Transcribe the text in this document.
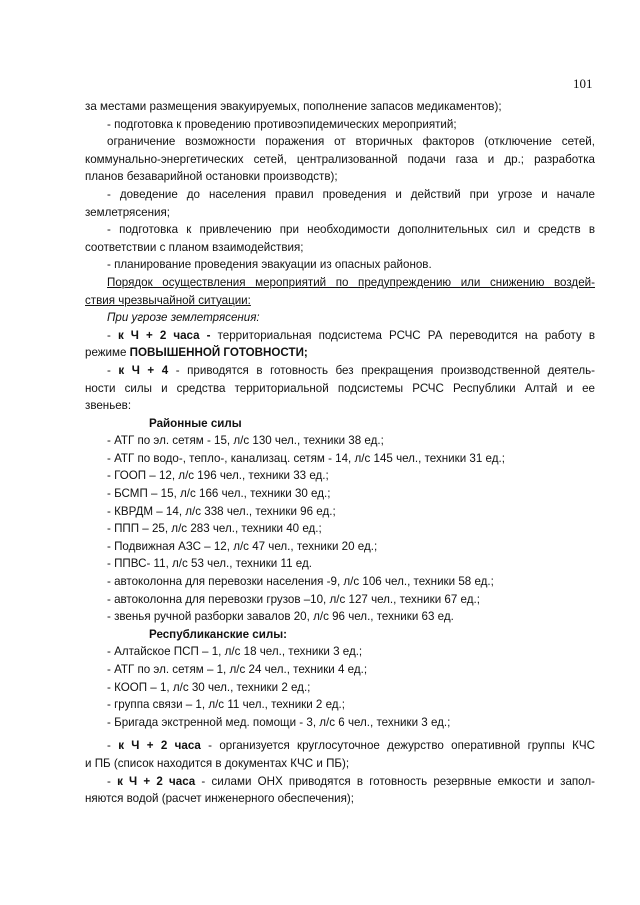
101
за местами размещения эвакуируемых, пополнение запасов медикаментов);
- подготовка к проведению противоэпидемических мероприятий;
ограничение возможности поражения от вторичных факторов (отключение сетей,
коммунально-энергетических сетей, централизованной подачи газа и др.; разработка
планов безаварийной остановки производств);
- доведение до населения правил проведения и действий при угрозе и начале
землетрясения;
- подготовка к привлечению при необходимости дополнительных сил и средств в
соответствии с планом взаимодействия;
- планирование проведения эвакуации из опасных районов.
Порядок осуществления мероприятий по предупреждению или снижению воздей-
ствия чрезвычайной ситуации:
При угрозе землетрясения:
- к Ч + 2 часа - территориальная подсистема РСЧС РА переводится на работу в
режиме ПОВЫШЕННОЙ ГОТОВНОСТИ;
- к Ч + 4 - приводятся в готовность без прекращения производственной деятель-
ности силы и средства территориальной подсистемы РСЧС Республики Алтай и ее
звеньев:
Районные силы
- АТГ по эл. сетям - 15, л/с 130 чел., техники 38 ед.;
- АТГ по водо-, тепло-, канализац. сетям - 14, л/с 145 чел., техники 31 ед.;
- ГООП – 12, л/с 196 чел., техники 33 ед.;
- БСМП – 15, л/с 166 чел., техники 30 ед.;
- КВРДМ – 14, л/с 338 чел., техники 96 ед.;
- ППП – 25, л/с 283 чел., техники 40 ед.;
- Подвижная АЗС – 12, л/с 47 чел., техники 20 ед.;
- ППВС- 11, л/с 53 чел., техники 11 ед.
- автоколонна для перевозки населения -9, л/с 106 чел., техники 58 ед.;
- автоколонна для перевозки грузов –10, л/с 127 чел., техники 67 ед.;
- звенья ручной разборки завалов 20, л/с 96 чел., техники 63 ед.
Республиканские силы:
- Алтайское ПСП – 1, л/с 18 чел., техники 3 ед.;
- АТГ по эл. сетям – 1, л/с 24 чел., техники 4 ед.;
- КООП – 1, л/с 30 чел., техники 2 ед.;
- группа связи – 1, л/с 11 чел., техники 2 ед.;
- Бригада экстренной мед. помощи - 3, л/с 6 чел., техники 3 ед.;
- к Ч + 2 часа - организуется круглосуточное дежурство оперативной группы КЧС
и ПБ (список находится в документах КЧС и ПБ);
- к Ч + 2 часа - силами ОНХ приводятся в готовность резервные емкости и запол-
няются водой (расчет инженерного обеспечения);
